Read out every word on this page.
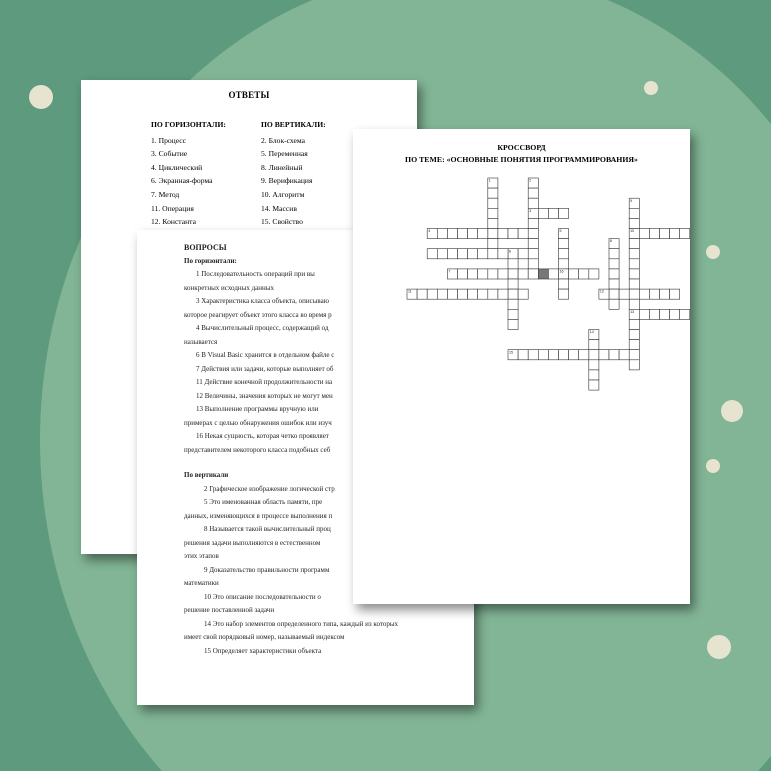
ОТВЕТЫ
ПО ГОРИЗОНТАЛИ:
1. Процесс
3. Событие
4. Циклический
6. Экранная-форма
7. Метод
11. Операция
12. Константа
ПО ВЕРТИКАЛИ:
2. Блок-схема
5. Переменная
8. Линейный
9. Верификация
10. Алгоритм
14. Массив
15. Свойство
ВОПРОСЫ
По горизонтали:
1 Последовательность операций при вы
конкретных исходных данных
3 Характеристика класса объекта, описываю
которое реагирует объект этого класса во время р
4 Вычислительный процесс, содержащий од
называется
6 В Visual Basic хранится в отдельном файле с
7 Действия или задачи, которые выполняет об
11 Действие конечной продолжительности на
12 Величины, значения которых не могут мен
13 Выполнение программы вручную или
примерах с целью обнаружения ошибок или изуч
16 Некая сущность, которая четко проявляет
представителем некоторого класса подобных себ
По вертикали
2 Графическое изображение логической стр
5 Это именованная область памяти, пре
данных, изменяющихся в процессе выполнения п
8 Называется такой вычислительный проц
решения задачи выполняются в естественном
этих этапов
9 Доказательство правильности программ
математики
10 Это описание последовательности о
решение поставленной задачи
14 Это набор элементов определенного типа, каждый из которых
имеет свой порядковый номер, называемый индексом
15 Определяет характеристики объекта
КРОССВОРД
ПО ТЕМЕ: «ОСНОВНЫЕ ПОНЯТИЯ ПРОГРАММИРОВАНИЯ»
1	2
3
4	5
6
7
8
9
10
11	12
13
14
15
16
